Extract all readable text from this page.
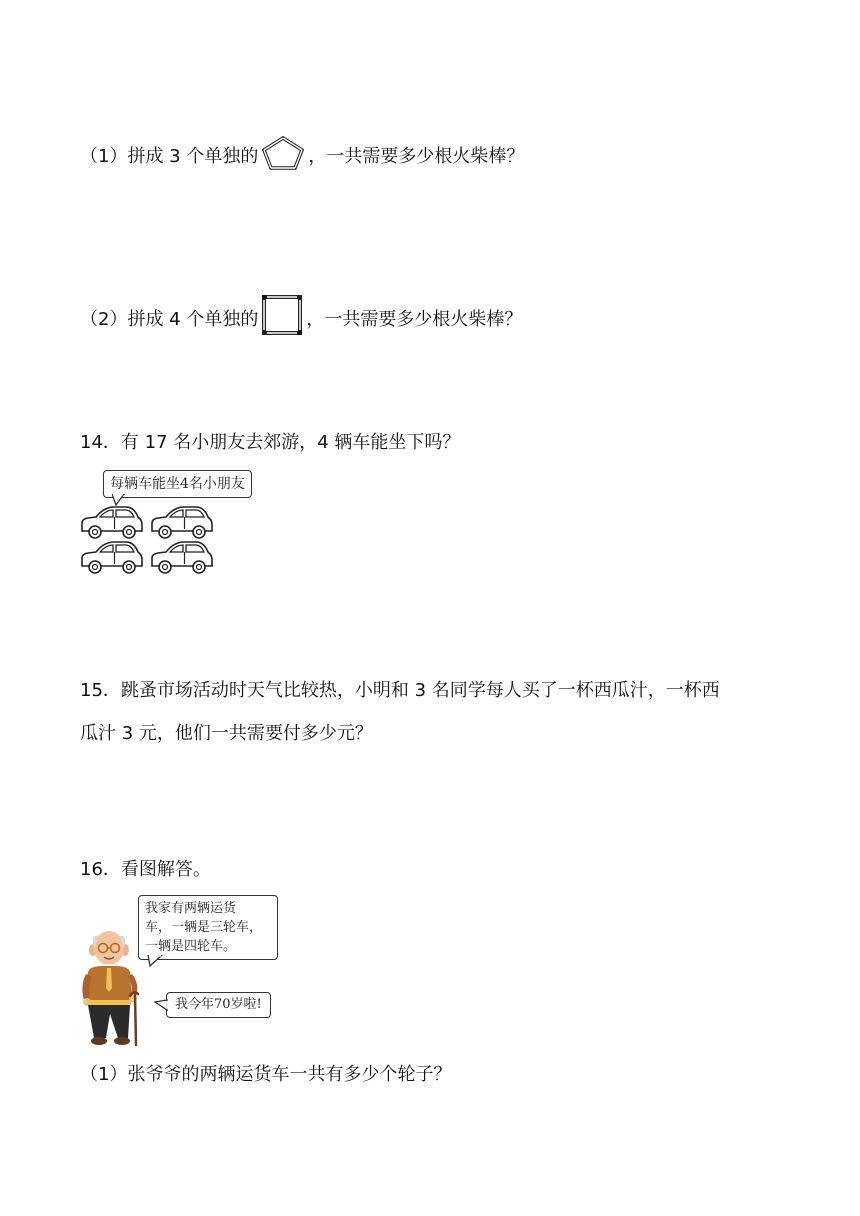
（1）拼成 3 个单独的	，一共需要多少根火柴棒？
（2）拼成 4 个单独的	，一共需要多少根火柴棒？
14．有 17 名小朋友去郊游，4 辆车能坐下吗？
每辆车能坐4名小朋友
15．跳蚤市场活动时天气比较热，小明和 3 名同学每人买了一杯西瓜汁，一杯西
瓜汁 3 元，他们一共需要付多少元？
16．看图解答。
我家有两辆运货
车，一辆是三轮车，
一辆是四轮车。
我今年70岁啦!
（1）张爷爷的两辆运货车一共有多少个轮子？
